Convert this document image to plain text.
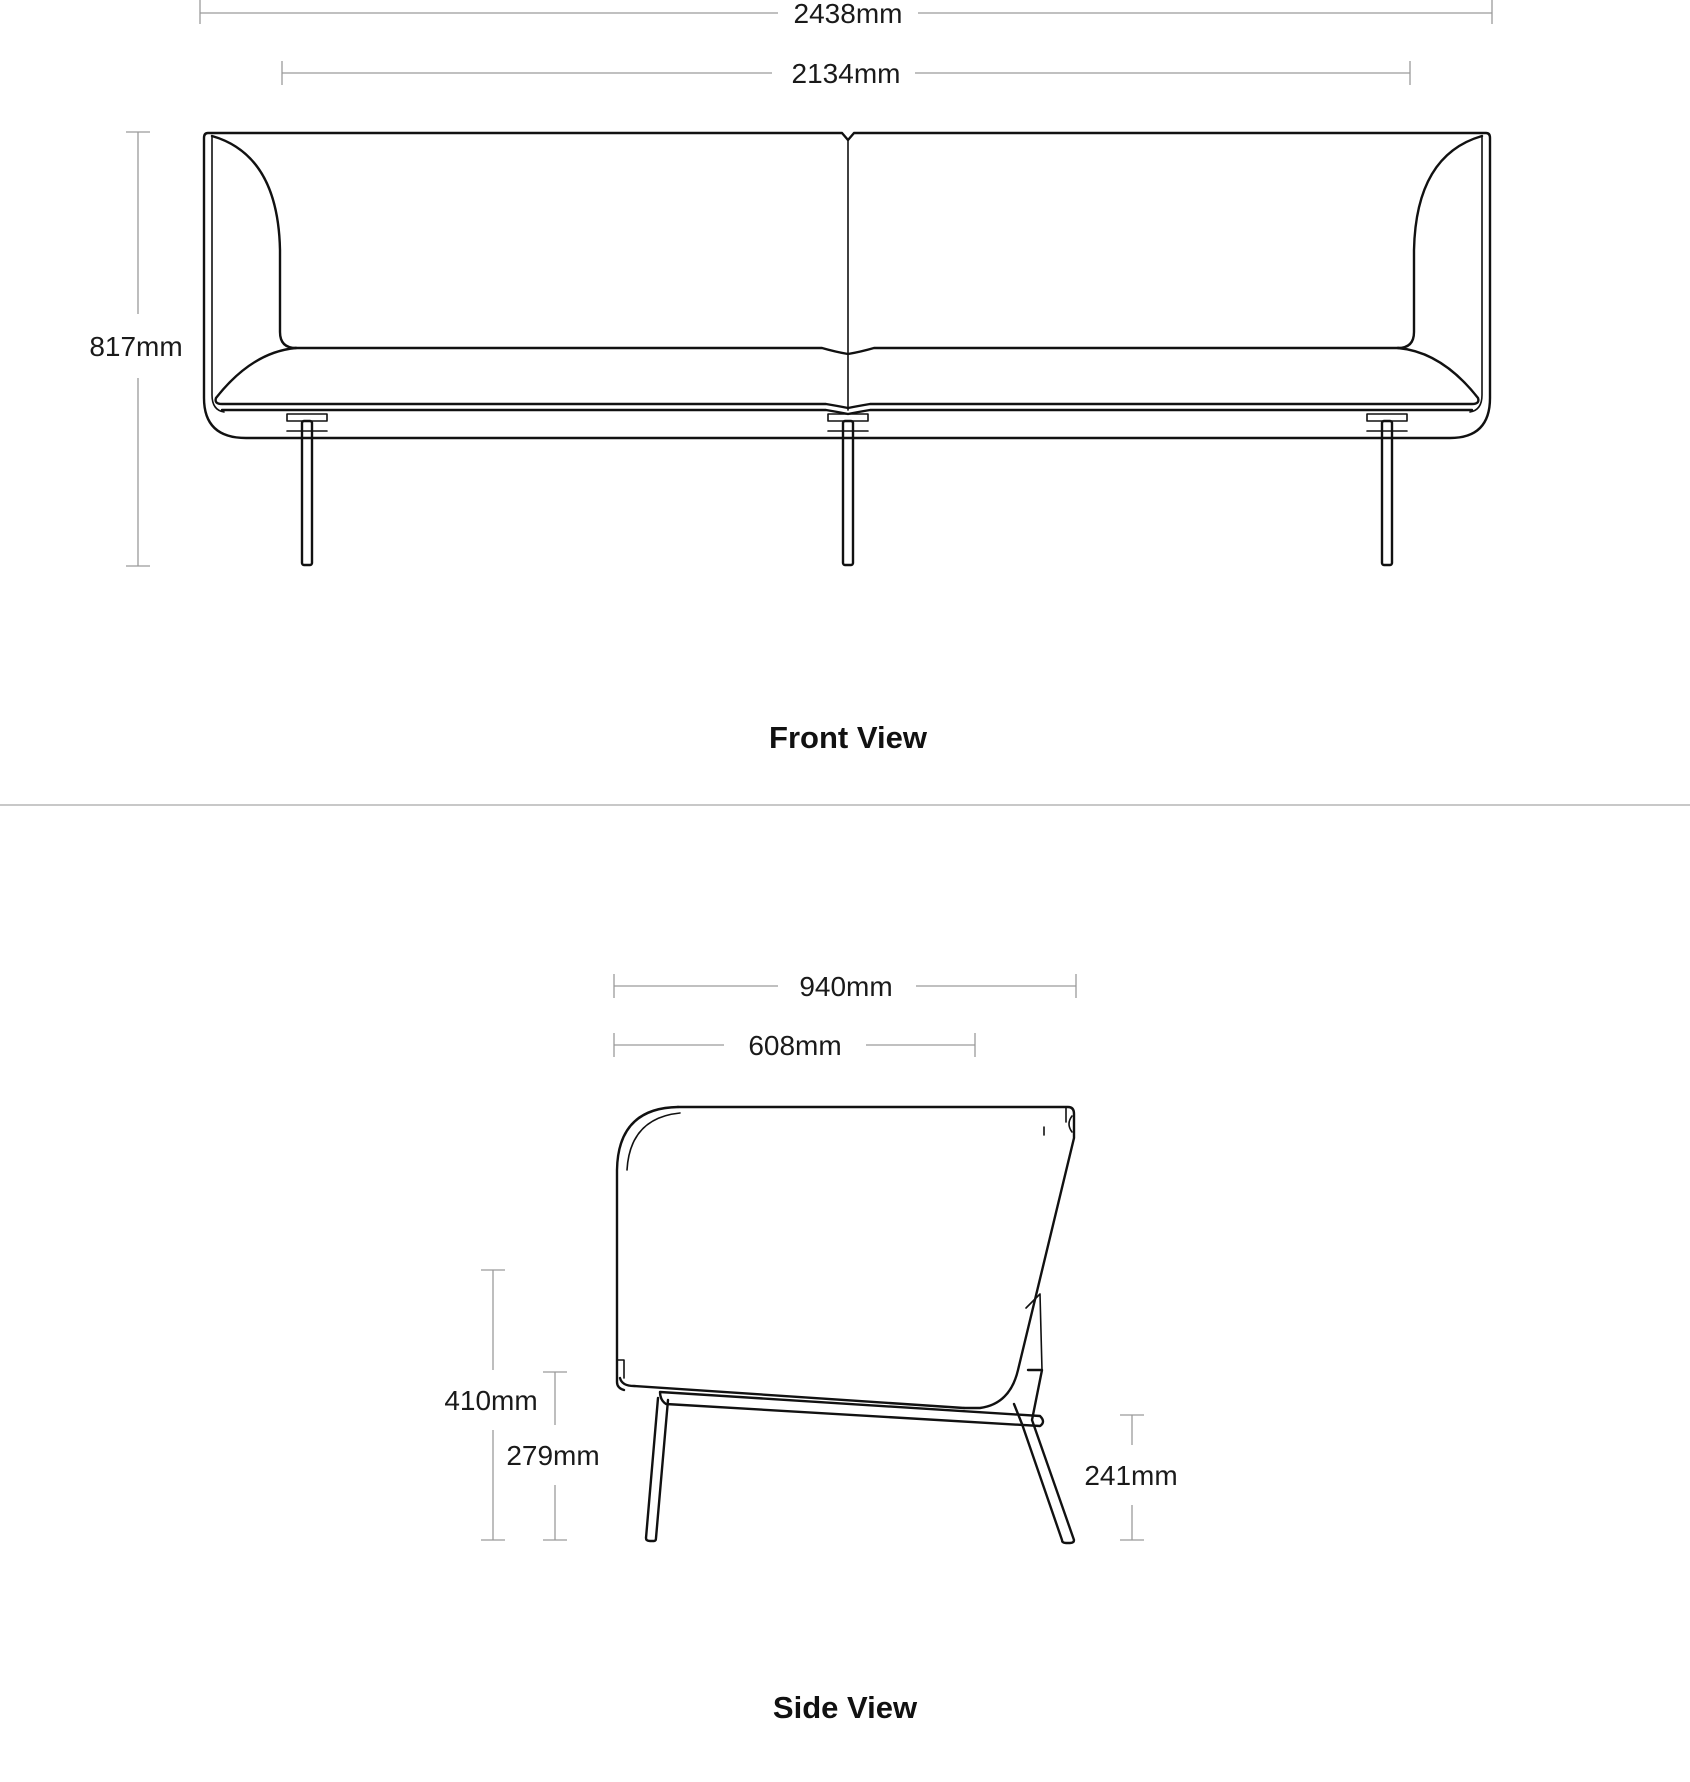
2438mm
2134mm
817mm
Front View
940mm
608mm
410mm
279mm
241mm
Side View
